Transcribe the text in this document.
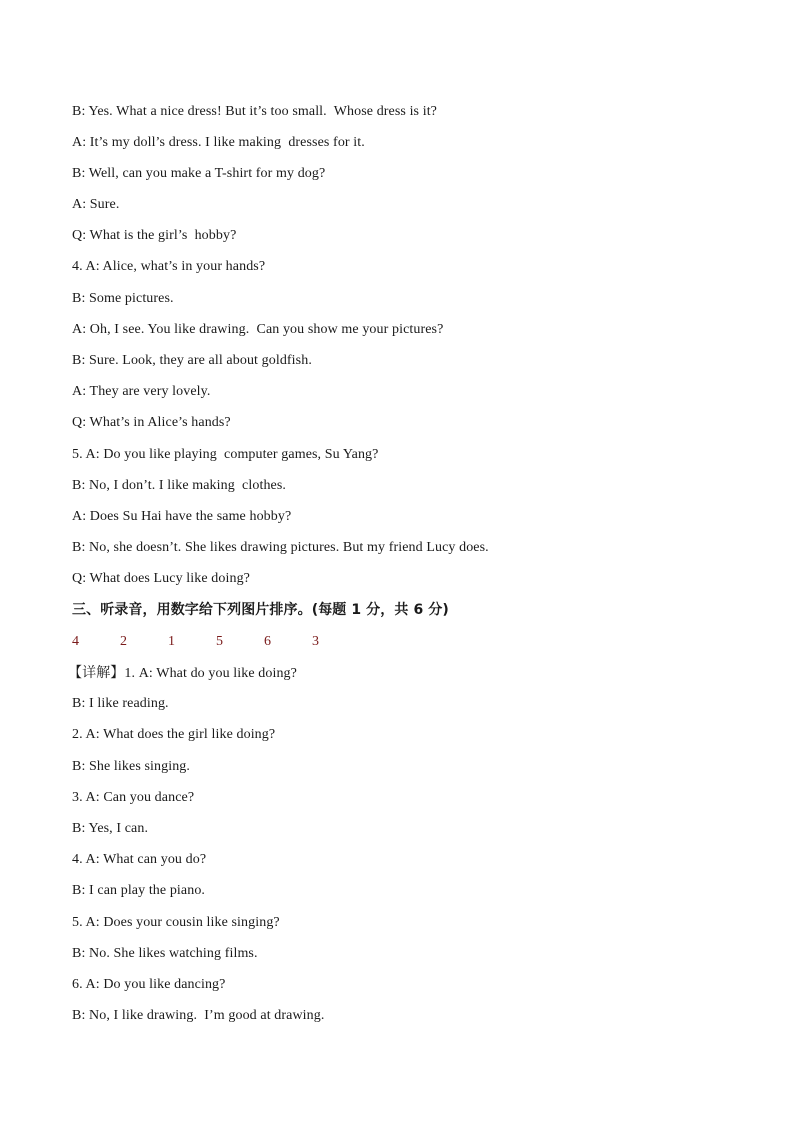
B: Yes. What a nice dress! But it’s too small.  Whose dress is it?
A: It’s my doll’s dress. I like making  dresses for it.
B: Well, can you make a T-shirt for my dog?
A: Sure.
Q: What is the girl’s  hobby?
4. A: Alice, what’s in your hands?
B: Some pictures.
A: Oh, I see. You like drawing.  Can you show me your pictures?
B: Sure. Look, they are all about goldfish.
A: They are very lovely.
Q: What’s in Alice’s hands?
5. A: Do you like playing  computer games, Su Yang?
B: No, I don’t. I like making  clothes.
A: Does Su Hai have the same hobby?
B: No, she doesn’t. She likes drawing pictures. But my friend Lucy does.
Q: What does Lucy like doing?
三、听录音，用数字给下列图片排序。(每题 1 分，共 6 分)

4

	2

	1

	5

	6

	3

【详解】1. A: What do you like doing?
B: I like reading.
2. A: What does the girl like doing?
B: She likes singing.
3. A: Can you dance?
B: Yes, I can.
4. A: What can you do?
B: I can play the piano.
5. A: Does your cousin like singing?
B: No. She likes watching films.
6. A: Do you like dancing?
B: No, I like drawing.  I’m good at drawing.
